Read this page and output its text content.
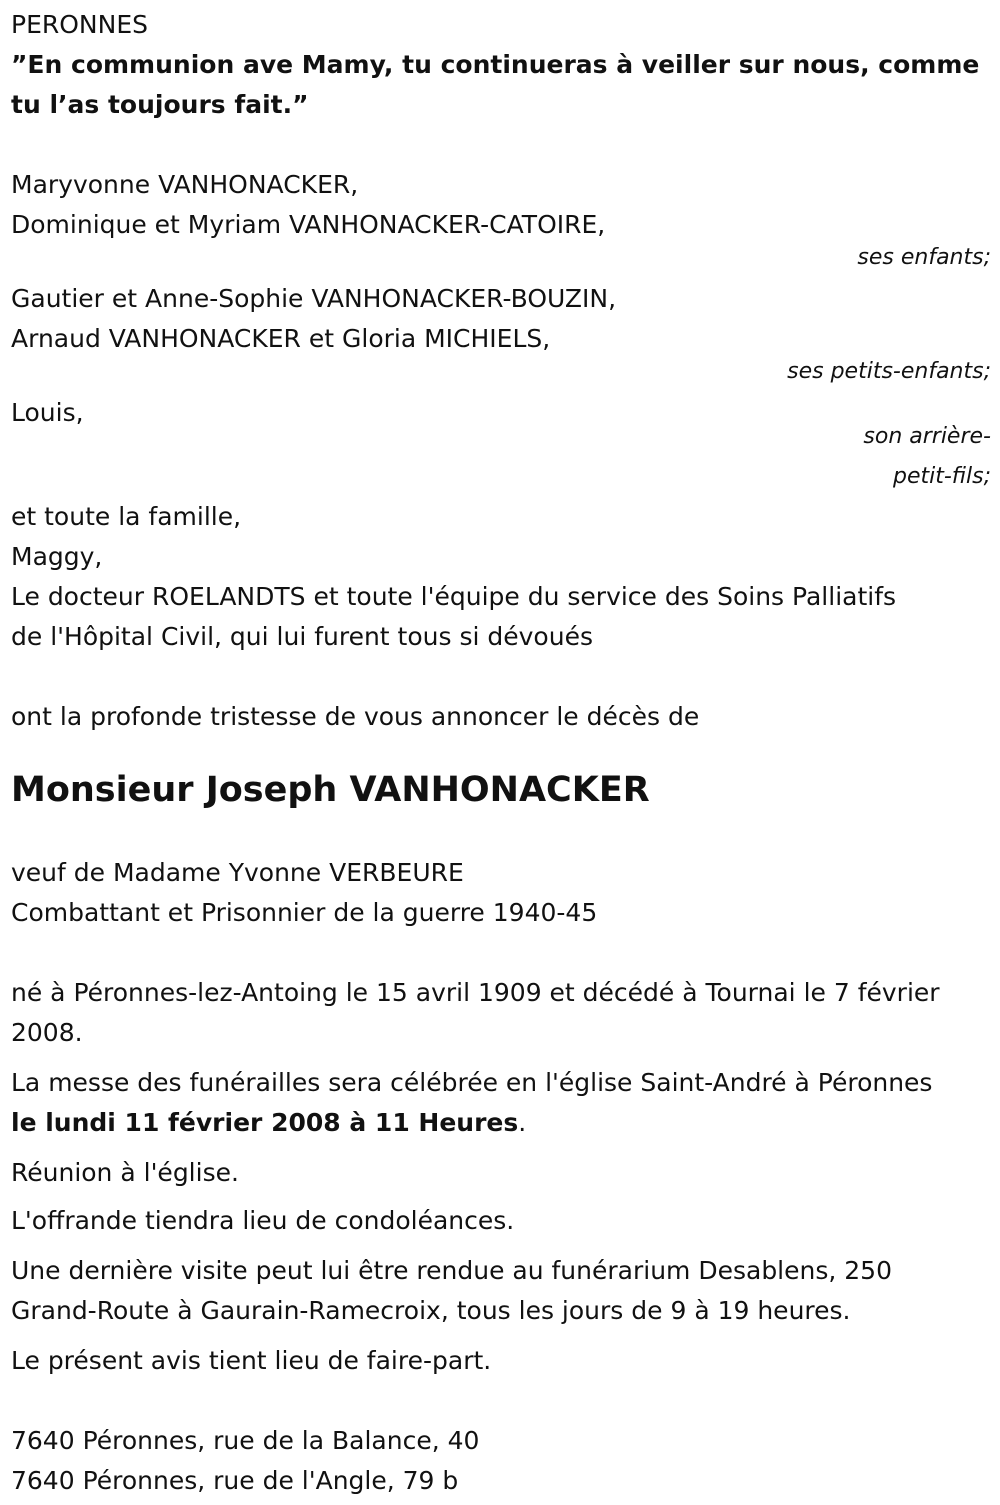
PERONNES
”En communion ave Mamy, tu continueras à veiller sur nous, comme
tu l’as toujours fait.”
Maryvonne VANHONACKER,
Dominique et Myriam VANHONACKER-CATOIRE,
ses enfants;
Gautier et Anne-Sophie VANHONACKER-BOUZIN,
Arnaud VANHONACKER et Gloria MICHIELS,
ses petits-enfants;
Louis,
son arrière-
petit-fils;
et toute la famille,
Maggy,
Le docteur ROELANDTS et toute l'équipe du service des Soins Palliatifs
de l'Hôpital Civil, qui lui furent tous si dévoués
ont la profonde tristesse de vous annoncer le décès de
Monsieur Joseph VANHONACKER
veuf de Madame Yvonne VERBEURE
Combattant et Prisonnier de la guerre 1940-45
né à Péronnes-lez-Antoing le 15 avril 1909 et décédé à Tournai le 7 février
2008.
La messe des funérailles sera célébrée en l'église Saint-André à Péronnes
le lundi 11 février 2008 à 11 Heures.
Réunion à l'église.
L'offrande tiendra lieu de condoléances.
Une dernière visite peut lui être rendue au funérarium Desablens, 250
Grand-Route à Gaurain-Ramecroix, tous les jours de 9 à 19 heures.
Le présent avis tient lieu de faire-part.
7640 Péronnes, rue de la Balance, 40
7640 Péronnes, rue de l'Angle, 79 b
